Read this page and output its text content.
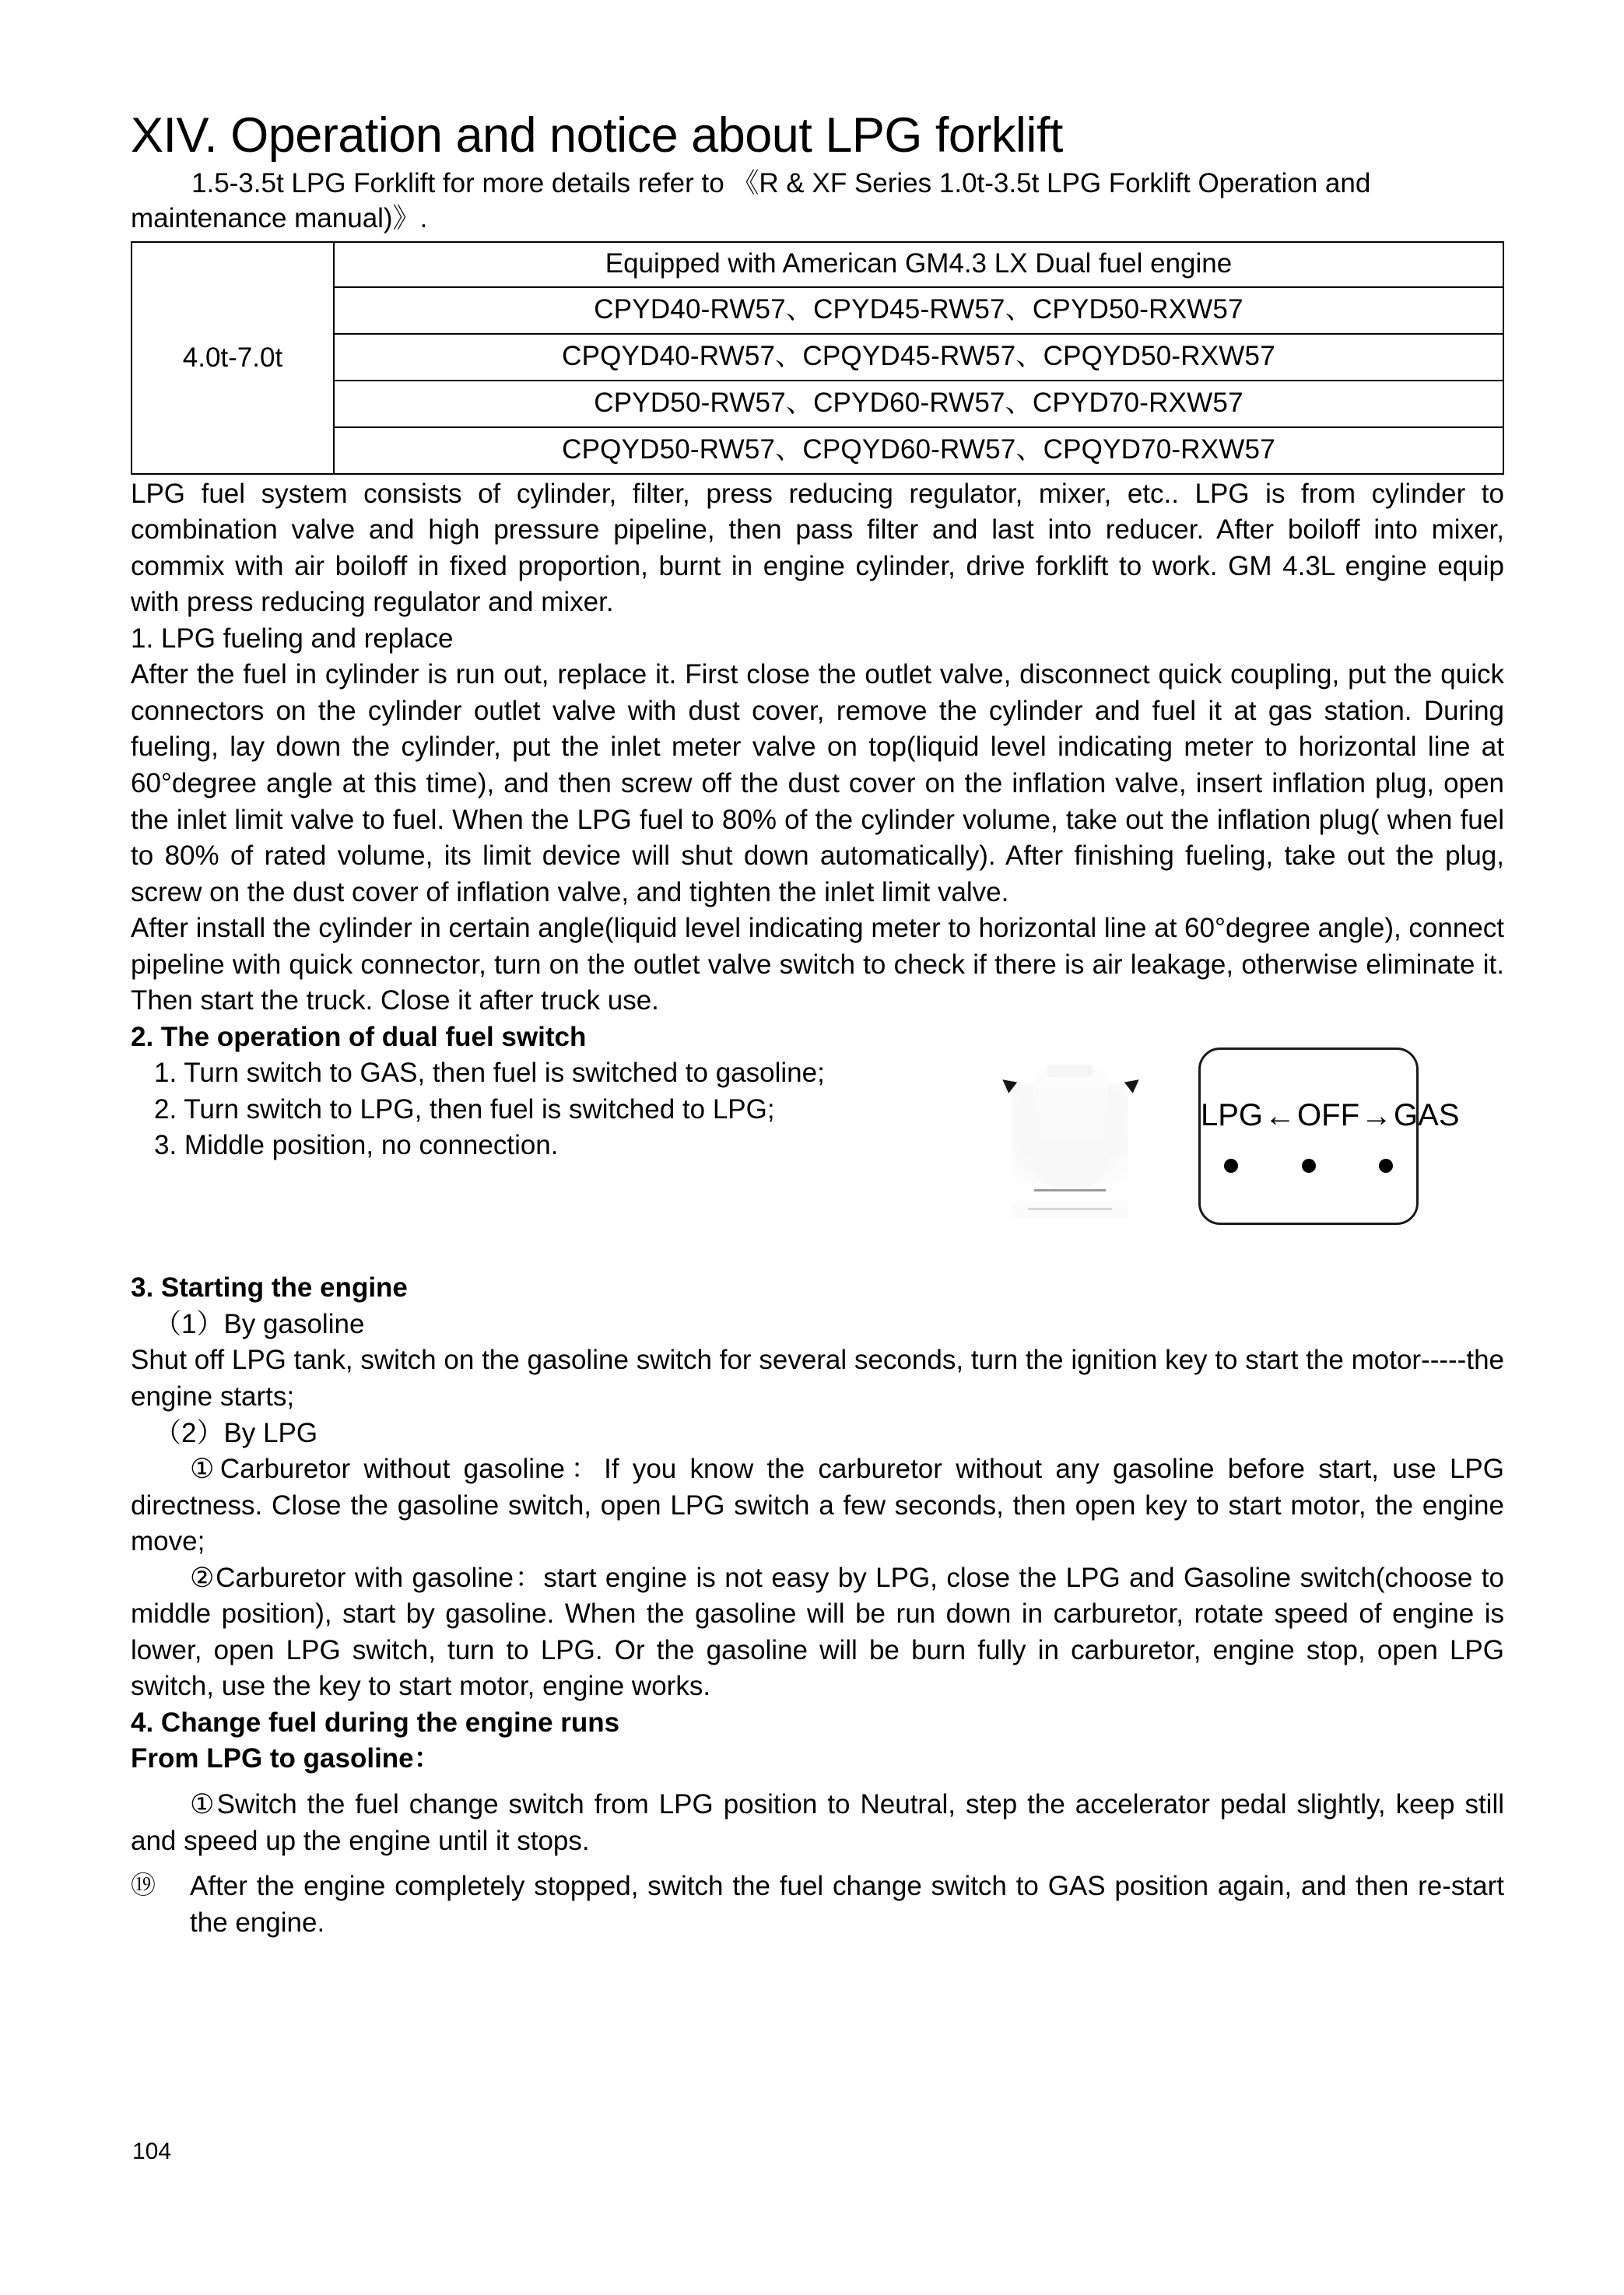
XIV. Operation and notice about LPG forklift

1.5-3.5t LPG Forklift for more details refer to 《R & XF Series 1.0t-3.5t LPG Forklift Operation and maintenance manual)》.

4.0t-7.0t	Equipped with American GM4.3 LX Dual fuel engine
CPYD40-RW57、CPYD45-RW57、CPYD50-RXW57
CPQYD40-RW57、CPQYD45-RW57、CPQYD50-RXW57
CPYD50-RW57、CPYD60-RW57、CPYD70-RXW57
CPQYD50-RW57、CPQYD60-RW57、CPQYD70-RXW57

LPG fuel system consists of cylinder, filter, press reducing regulator, mixer, etc.. LPG is from cylinder to combination valve and high pressure pipeline, then pass filter and last into reducer. After boiloff into mixer, commix with air boiloff in fixed proportion, burnt in engine cylinder, drive forklift to work. GM 4.3L engine equip with press reducing regulator and mixer.

1. LPG fueling and replace

After the fuel in cylinder is run out, replace it. First close the outlet valve, disconnect quick coupling, put the quick connectors on the cylinder outlet valve with dust cover, remove the cylinder and fuel it at gas station. During fueling, lay down the cylinder, put the inlet meter valve on top(liquid level indicating meter to horizontal line at 60°degree angle at this time), and then screw off the dust cover on the inflation valve, insert inflation plug, open the inlet limit valve to fuel. When the LPG fuel to 80% of the cylinder volume, take out the inflation plug( when fuel to 80% of rated volume, its limit device will shut down automatically). After finishing fueling, take out the plug, screw on the dust cover of inflation valve, and tighten the inlet limit valve.

After install the cylinder in certain angle(liquid level indicating meter to horizontal line at 60°degree angle), connect pipeline with quick connector, turn on the outlet valve switch to check if there is air leakage, otherwise eliminate it. Then start the truck. Close it after truck use.

2. The operation of dual fuel switch

1. Turn switch to GAS, then fuel is switched to gasoline;

2. Turn switch to LPG, then fuel is switched to LPG;

3. Middle position, no connection.

LPG←OFF→GAS
3. Starting the engine

（1）By gasoline

Shut off LPG tank, switch on the gasoline switch for several seconds, turn the ignition key to start the motor-----the engine starts;

（2）By LPG

①Carburetor without gasoline：If you know the carburetor without any gasoline before start, use LPG directness. Close the gasoline switch, open LPG switch a few seconds, then open key to start motor, the engine move;

②Carburetor with gasoline：start engine is not easy by LPG, close the LPG and Gasoline switch(choose to middle position), start by gasoline. When the gasoline will be run down in carburetor, rotate speed of engine is lower, open LPG switch, turn to LPG. Or the gasoline will be burn fully in carburetor, engine stop, open LPG switch, use the key to start motor, engine works.

4. Change fuel during the engine runs
From LPG to gasoline：

①Switch the fuel change switch from LPG position to Neutral, step the accelerator pedal slightly, keep still and speed up the engine until it stops.

⑲ After the engine completely stopped, switch the fuel change switch to GAS position again, and then re-start the engine.

104
